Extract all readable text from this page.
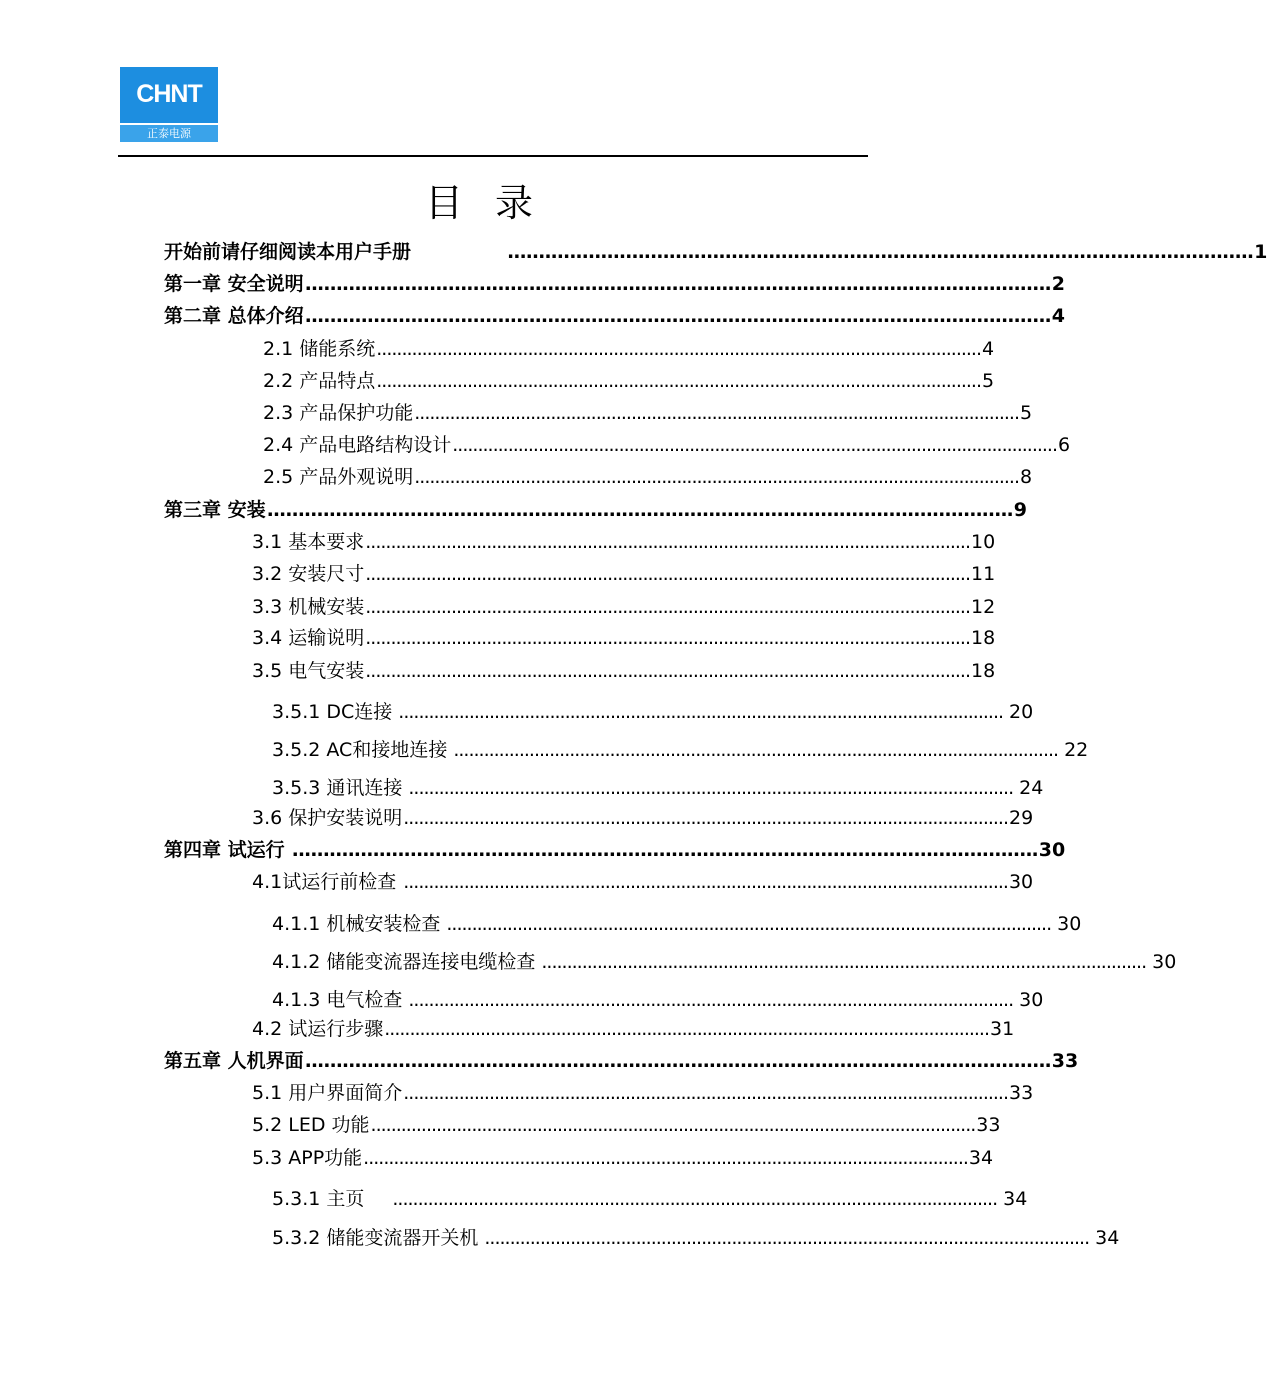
CHNT
正泰电源
目录
开始前请仔细阅读本用户手册	........................................................................................................................ 1
第一章 安全说明 ........................................................................................................................ 2
第二章 总体介绍 ........................................................................................................................ 4
2.1 储能系统 ........................................................................................................................ 4
2.2 产品特点 ........................................................................................................................ 5
2.3 产品保护功能 ........................................................................................................................ 5
2.4 产品电路结构设计 ........................................................................................................................ 6
2.5 产品外观说明 ........................................................................................................................ 8
第三章 安装 ........................................................................................................................ 9
3.1 基本要求 ........................................................................................................................ 10
3.2 安装尺寸 ........................................................................................................................ 11
3.3 机械安装 ........................................................................................................................ 12
3.4 运输说明 ........................................................................................................................ 18
3.5 电气安装 ........................................................................................................................ 18
3.5.1 DC连接 ........................................................................................................................ 20
3.5.2 AC和接地连接 ........................................................................................................................ 22
3.5.3 通讯连接 ........................................................................................................................ 24
3.6 保护安装说明 ........................................................................................................................ 29
第四章 试运行 ........................................................................................................................ 30
4.1试运行前检查 ........................................................................................................................ 30
4.1.1 机械安装检查 ........................................................................................................................ 30
4.1.2 储能变流器连接电缆检查 ........................................................................................................................ 30
4.1.3 电气检查 ........................................................................................................................ 30
4.2 试运行步骤 ........................................................................................................................ 31
第五章 人机界面 ........................................................................................................................ 33
5.1 用户界面简介 ........................................................................................................................ 33
5.2 LED 功能 ........................................................................................................................ 33
5.3 APP功能 ........................................................................................................................ 34
5.3.1 主页 ........................................................................................................................ 34
5.3.2 储能变流器开关机 ........................................................................................................................ 34
